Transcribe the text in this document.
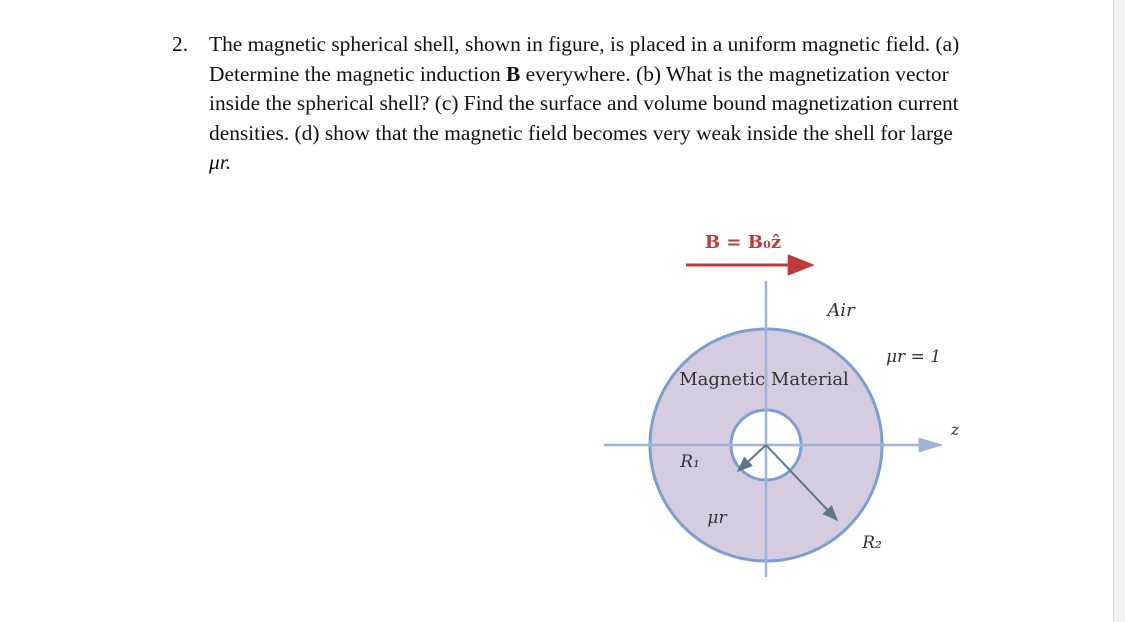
2. The magnetic spherical shell, shown in figure, is placed in a uniform magnetic field. (a)
Determine the magnetic induction B everywhere. (b) What is the magnetization vector
inside the spherical shell? (c) Find the surface and volume bound magnetization current
densities. (d) show that the magnetic field becomes very weak inside the shell for large
μr.
B = B₀ẑ
Air
μr = 1
Magnetic Material
z
R₁
μr
R₂
